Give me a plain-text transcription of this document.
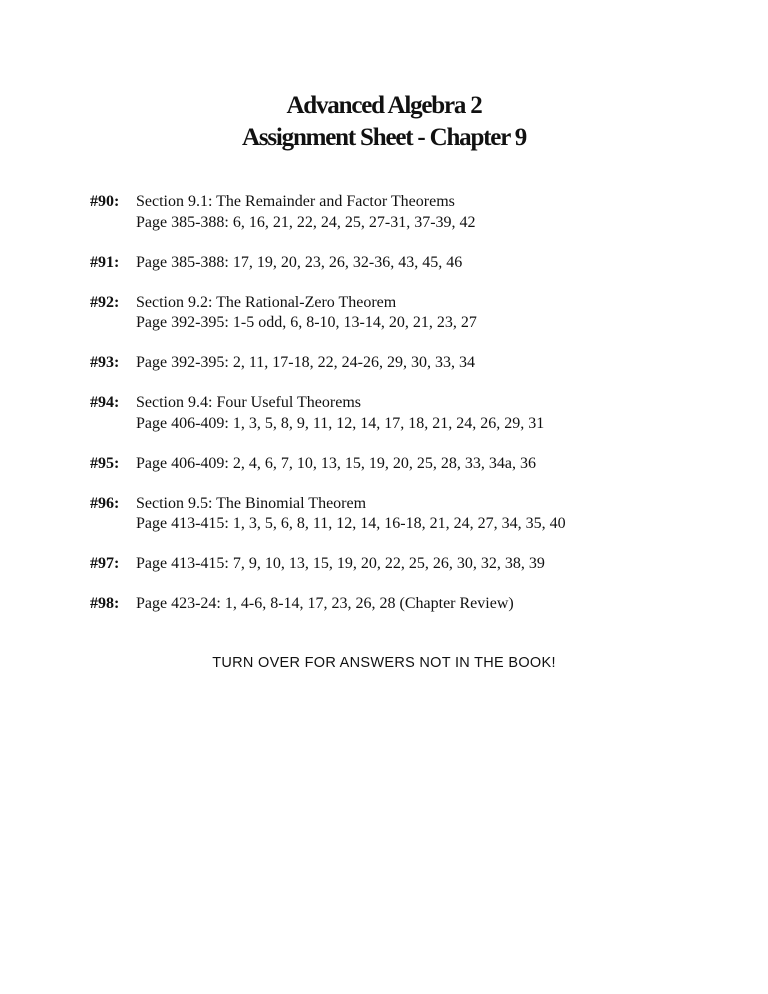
Advanced Algebra 2
Assignment Sheet - Chapter 9
#90:	Section 9.1: The Remainder and Factor Theorems
Page 385-388: 6, 16, 21, 22, 24, 25, 27-31, 37-39, 42
#91:	Page 385-388: 17, 19, 20, 23, 26, 32-36, 43, 45, 46
#92:	Section 9.2: The Rational-Zero Theorem
Page 392-395: 1-5 odd, 6, 8-10, 13-14, 20, 21, 23, 27
#93:	Page 392-395: 2, 11, 17-18, 22, 24-26, 29, 30, 33, 34
#94:	Section 9.4: Four Useful Theorems
Page 406-409: 1, 3, 5, 8, 9, 11, 12, 14, 17, 18, 21, 24, 26, 29, 31
#95:	Page 406-409: 2, 4, 6, 7, 10, 13, 15, 19, 20, 25, 28, 33, 34a, 36
#96:	Section 9.5: The Binomial Theorem
Page 413-415: 1, 3, 5, 6, 8, 11, 12, 14, 16-18, 21, 24, 27, 34, 35, 40
#97:	Page 413-415: 7, 9, 10, 13, 15, 19, 20, 22, 25, 26, 30, 32, 38, 39
#98:	Page 423-24: 1, 4-6, 8-14, 17, 23, 26, 28 (Chapter Review)
TURN OVER FOR ANSWERS NOT IN THE BOOK!
